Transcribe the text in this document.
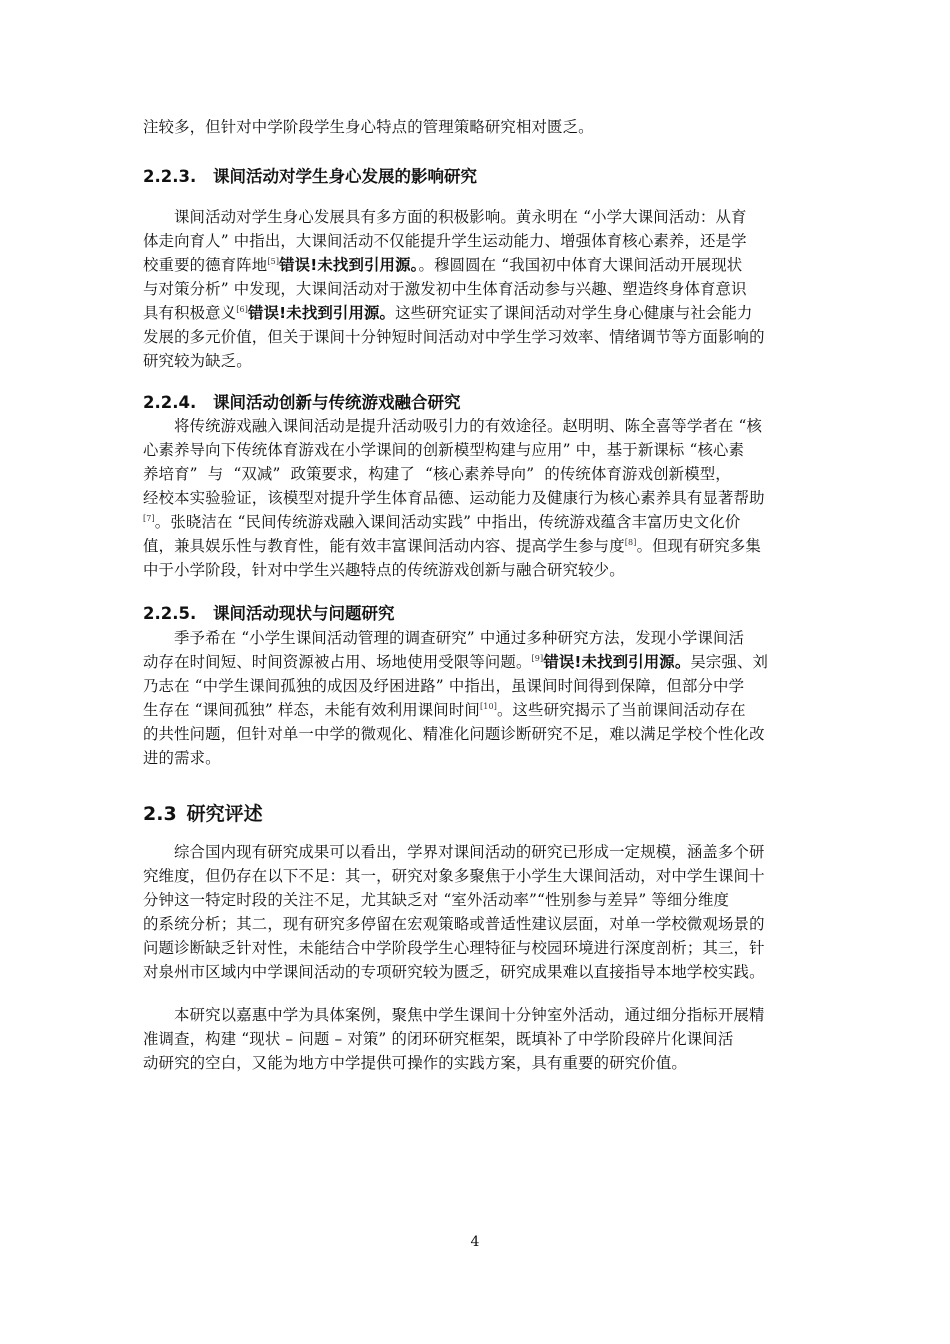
注较多，但针对中学阶段学生身心特点的管理策略研究相对匮乏。

2.2.3. 课间活动对学生身心发展的影响研究

课间活动对学生身心发展具有多方面的积极影响。黄永明在 “小学大课间活动：从育
体走向育人” 中指出，大课间活动不仅能提升学生运动能力、增强体育核心素养，还是学
校重要的德育阵地[5]错误!未找到引用源。。穆圆圆在 “我国初中体育大课间活动开展现状
与对策分析” 中发现，大课间活动对于激发初中生体育活动参与兴趣、塑造终身体育意识
具有积极意义[6]错误!未找到引用源。这些研究证实了课间活动对学生身心健康与社会能力
发展的多元价值，但关于课间十分钟短时间活动对中学生学习效率、情绪调节等方面影响的
研究较为缺乏。

2.2.4. 课间活动创新与传统游戏融合研究

将传统游戏融入课间活动是提升活动吸引力的有效途径。赵明明、陈全喜等学者在 “核
心素养导向下传统体育游戏在小学课间的创新模型构建与应用” 中，基于新课标 “核心素
养培育”  与  “双减”  政策要求，构建了  “核心素养导向”  的传统体育游戏创新模型，
经校本实验验证，该模型对提升学生体育品德、运动能力及健康行为核心素养具有显著帮助
[7]。张晓洁在 “民间传统游戏融入课间活动实践” 中指出，传统游戏蕴含丰富历史文化价
值，兼具娱乐性与教育性，能有效丰富课间活动内容、提高学生参与度[8]。但现有研究多集
中于小学阶段，针对中学生兴趣特点的传统游戏创新与融合研究较少。

2.2.5. 课间活动现状与问题研究

季予希在 “小学生课间活动管理的调查研究” 中通过多种研究方法，发现小学课间活
动存在时间短、时间资源被占用、场地使用受限等问题。[9]错误!未找到引用源。吴宗强、刘
乃志在 “中学生课间孤独的成因及纾困进路” 中指出，虽课间时间得到保障，但部分中学
生存在 “课间孤独” 样态，未能有效利用课间时间[10]。这些研究揭示了当前课间活动存在
的共性问题，但针对单一中学的微观化、精准化问题诊断研究不足，难以满足学校个性化改
进的需求。

2.3 研究评述

综合国内现有研究成果可以看出，学界对课间活动的研究已形成一定规模，涵盖多个研
究维度，但仍存在以下不足：其一，研究对象多聚焦于小学生大课间活动，对中学生课间十
分钟这一特定时段的关注不足，尤其缺乏对 “室外活动率”“性别参与差异” 等细分维度
的系统分析；其二，现有研究多停留在宏观策略或普适性建议层面，对单一学校微观场景的
问题诊断缺乏针对性，未能结合中学阶段学生心理特征与校园环境进行深度剖析；其三，针
对泉州市区域内中学课间活动的专项研究较为匮乏，研究成果难以直接指导本地学校实践。

本研究以嘉惠中学为具体案例，聚焦中学生课间十分钟室外活动，通过细分指标开展精
准调查，构建 “现状 – 问题 – 对策” 的闭环研究框架，既填补了中学阶段碎片化课间活
动研究的空白，又能为地方中学提供可操作的实践方案，具有重要的研究价值。

4
